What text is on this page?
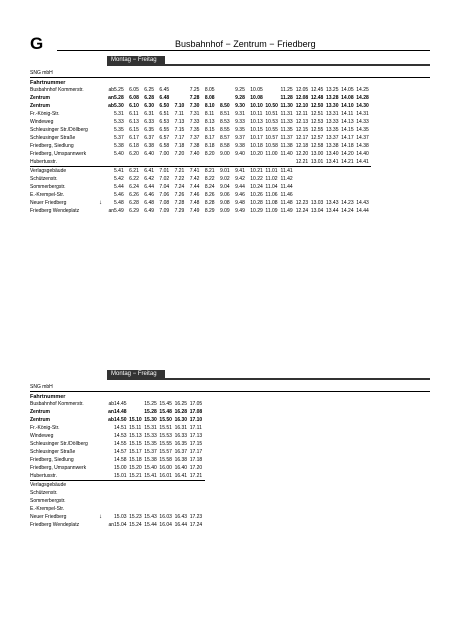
G	Busbahnhof − Zentrum − Friedberg
Montag − Freitag
SNG mbH
Fahrtnummer
Busbahnhof Kommerstr.	ab	5.25	6.05	6.25	6.45		7.25	8.05		9.25	10.05		11.25	12.05	12.45	13.25	14.05	14.25
Zentrum	an	5.28	6.08	6.28	6.48		7.28	8.08		9.28	10.08		11.28	12.08	12.48	13.28	14.08	14.28
Zentrum	ab	5.30	6.10	6.30	6.50	7.10	7.30	8.10	8.50	9.30	10.10	10.50	11.30	12.10	12.50	13.30	14.10	14.30
Fr.-König-Str.		5.31	6.11	6.31	6.51	7.11	7.31	8.11	8.51	9.31	10.11	10.51	11.31	12.11	12.51	13.31	14.11	14.31
Windeweg		5.33	6.13	6.33	6.53	7.13	7.33	8.13	8.53	9.33	10.13	10.53	11.33	12.13	12.53	13.33	14.13	14.33
Schleusinger Str./Döllberg		5.35	6.15	6.35	6.55	7.15	7.35	8.15	8.55	9.35	10.15	10.55	11.35	12.15	12.55	13.35	14.15	14.35
Schleusinger Straße		5.37	6.17	6.37	6.57	7.17	7.37	8.17	8.57	9.37	10.17	10.57	11.37	12.17	12.57	13.37	14.17	14.37
Friedberg, Siedlung		5.38	6.18	6.38	6.58	7.18	7.38	8.18	8.58	9.38	10.18	10.58	11.38	12.18	12.58	13.38	14.18	14.38
Friedberg, Umspannwerk		5.40	6.20	6.40	7.00	7.20	7.40	8.20	9.00	9.40	10.20	11.00	11.40	12.20	13.00	13.40	14.20	14.40
Hubertusstr.														12.21	13.01	13.41	14.21	14.41
Verlagsgebäude		5.41	6.21	6.41	7.01	7.21	7.41	8.21	9.01	9.41	10.21	11.01	11.41					
Schützenstr.		5.42	6.22	6.42	7.02	7.22	7.42	8.22	9.02	9.42	10.22	11.02	11.42					
Sommerbergstr.		5.44	6.24	6.44	7.04	7.24	7.44	8.24	9.04	9.44	10.24	11.04	11.44					
E.-Krempel-Str.		5.46	6.26	6.46	7.06	7.26	7.46	8.26	9.06	9.46	10.26	11.06	11.46					
Neuer Friedberg ↓		5.48	6.28	6.48	7.08	7.28	7.48	8.28	9.08	9.48	10.28	11.08	11.48	12.23	13.03	13.43	14.23	14.43
Friedberg Wendeplatz	an	5.49	6.29	6.49	7.09	7.29	7.49	8.29	9.09	9.49	10.29	11.09	11.49	12.24	13.04	13.44	14.24	14.44
Montag − Freitag
SNG mbH
Fahrtnummer
Busbahnhof Kommerstr.	ab	14.45		15.25	15.45	16.25	17.05
Zentrum	an	14.48		15.28	15.48	16.28	17.08
Zentrum	ab	14.50	15.10	15.30	15.50	16.30	17.10
Fr.-König-Str.		14.51	15.11	15.31	15.51	16.31	17.11
Windeweg		14.53	15.13	15.33	15.53	16.33	17.13
Schleusinger Str./Döllberg		14.55	15.15	15.35	15.55	16.35	17.15
Schleusinger Straße		14.57	15.17	15.37	15.57	16.37	17.17
Friedberg, Siedlung		14.58	15.18	15.38	15.58	16.38	17.18
Friedberg, Umspannwerk		15.00	15.20	15.40	16.00	16.40	17.20
Hubertusstr.		15.01	15.21	15.41	16.01	16.41	17.21
Verlagsgebäude							
Schützenstr.							
Sommerbergstr.							
E.-Krempel-Str.							
Neuer Friedberg ↓		15.03	15.23	15.43	16.03	16.43	17.23
Friedberg Wendeplatz	an	15.04	15.24	15.44	16.04	16.44	17.24
